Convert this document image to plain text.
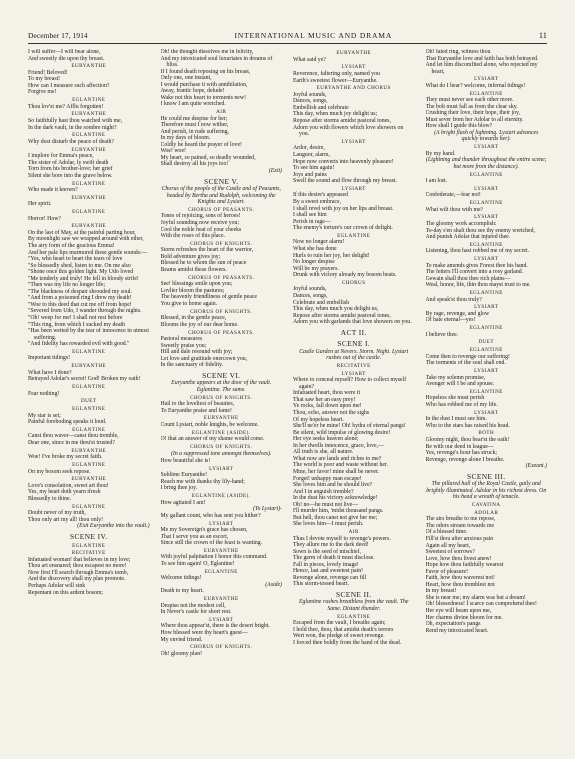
December 17, 1914	INTERNATIONAL MUSIC AND DRAMA	11

I will suffer—I will bear alone,

And sweetly die upon thy breast.

EURYANTHE

Friend! Beloved!

To my breast!

How can I measure such affection?

Forgive me!

EGLANTINE

Thou lov'st me? Afflu forgotten!

EURYANTHE

So faithfully hast thou watched with me,

In the dark vault, in the sombre night?

EGLANTINE

Why dost disturb the peace of death?

EURYANTHE

I implore for Emma's peace,

The sister of Adolar, ly swift death

Torn from his brother-love; her grief

Silent she bore into the grave below.

EGLANTINE

Who made it known?

EURYANTHE

Her spirit.

EGLANTINE

Horror! How?

EURYANTHE

On the last of May, at the painful parting hour,

By moonlight saw we wrapped around with ether,

The airy form of the gracious Emma!

And her pale lips murmured these gentle sounds:—

"Yes, who heart to heart the tears of love

"So blessedly shed, listen to me. On me also

"Shone once this golden light. My Udo loved

"Me tenderly and truly! He fell in bloody strife!

"Then was my life no longer life;

"The blackness of despair shrouded my soul.

"And from a poisoned ring I drew my death!

"Woe to this deed that cut me off from hope!

"Severed from Udo, I wander through the nights.

"Oh! weep for me! I shall not rest before

"This ring, from which I sucked my death

"Has been wetted by the tear of innocence in utmost suffering.

"And fidelity has rewarded evil with good."

EGLANTINE

Important tidings!

EURYANTHE

What have I done?

Betrayed Adolar's secret! God! Broken my oath!

EGLANTINE

Fear nothing!

DUET

EGLANTINE

My star is set;

Painful foreboding speaks it loud.

EGLANTINE

Canst thou waver—canst thou tremble,

Dear one, since in me thou'st trusted?

EURYANTHE

Woe! I've broke my secret faith.

EGLANTINE

On my bosom seek repose.

EURYANTHE

Love's consolation, sweet art thou!

Yes, my heart doth yearn ifresh

Blessedly to thine.

EGLANTINE

Doubt never of my truth,

Thou only art my all! thou only!

(Exit Euryanthe into the vault.)

SCENE IV.

EGLANTINE

RECITATIVE

Infatuated woman! that believes in my love;

Thou art ensnared; thou escapest no more!

Now first I'll search through Emma's tomb,

And the discovery shall my plan promote.

Perhaps Adolar will sink

Repentant on this ardent bosom;

Oh! the thought dissolves me in felicity,

And my intoxicated soul luxuriates in dreams of bliss.

If I found death reposing on his breast,

Only one, one instant,

I would purchase it with annihilation,

Away, frantic hope, delude!

Wake not this heart to torments new!

I know I am quite wretched.

AIR

He could me despise for her;

Therefore must I now wither,

And perish, in rude suffering,

In my days of bloom.

Coldly he heard the prayer of love!

Woe! woe!

My heart, so pained, so deadly wounded,

Shall destroy all his joys too!

(Exit)

SCENE V.

Chorus of the people of the Castle and of Peasants, headed by Bertha and Rudolph, welcoming the Knights and Lysiart.

CHORUS OF PEASANTS.

Tones of rejoicing, sons of heroes!

Joyful sounding now receive you;

Cool the noble heat of your cheeks

With the roses of this place.

CHORUS OF KNIGHTS.

Storm refreshes the heart of the warrior,

Bold adventure gives joy;

Blessed he to whom the sun of peace

Beams amidst these flowers.

CHORUS OF PEASANTS.

See! blessings smile upon you;

Lovlier bloom the pastures;

The heavenly friendliness of gentle peace

You give to home again.

CHORUS OF KNIGHTS.

Blessed, in the gentle peace,

Blooms the joy of our dear home.

CHORUS OF PEASANTS.

Pastoral measures

Sweetly praise you;

Hill and dale resound with joy;

Let love and gratitude enercown you,

In the sanctuary of fidelity.

SCENE VI.

Euryanthe appears at the door of the vault. Eglantine. The same.

CHORUS OF KNIGHTS.

Hail to the loveliest of beauties,

To Euryanthe praise and fame!

EURYANTHE

Count Lysiart, noble knights, be welcome.

EGLANTINE (ASIDE).

O! that an answer of my shame would come.

CHORUS OF KNIGHTS.

(In a suppressed tone amongst themselves).

How beautiful she is!

LYSIART

Sublime Euryanthe!

Reach me with thanks thy lily-hand;

I bring thee joy.

EGLANTINE (ASIDE).

How agitated I am!

(To Lysiart)-

My gallant count, who has sent you hither?

LYSIART

Me my Sovereign's grace has chosen,

That I serve you as an escort,

Since still the crown of the feast is wanting.

EURYANTHE

With joyful palpitation I honor this command.

To see him again! O, Eglantine!

EGLANTINE

Welcome tidings!

(Aside)

Death to my heart.

EURYANTHE

Despise not the modest cell,

In Never's castle for short rest.

LYSIART

Where thou appear'st, there is the desert bright.

How blessed were thy heart's guest—

My envied friend.

CHORUS OF KNIGHTS.

Oh! gloomy plan!

EURYANTHE

What said ye?

LYSIART

Reverence, faltering only, named you

Earth's sweetest flower—Euryanthe.

EURYANTHE AND CHORUS

Joyful sounds,

Dances, songs,

Embellish and celebrate

This day, when much joy delight us;

Repose after storms amidst pastoral tones,

Adorn you with flowers which love showers on you.

LYSIART

Ardor, desire,

Languor, alarm,

Hope now converts into heavenly pleasure!

To see him again!

Joys and pains

Swell the sound and flow through my breast.

LYSIART

If this desire's appeased

By a sweet embrace,

I shall revel with joy on her lips and breast.

I shall see him

Perish in rage—

The enemy's torture's our crown of delight.

EGLANTINE

Now no longer alarm!

What she has done

Hurls to ruin her joy, her delight!

No longer despise

Will be my prayers.

Drunk with victory already my bosom beats.

CHORUS

Joyful sounds,

Dances, songs,

Celebrate and embellish

This day, when much you delight us,

Repose after storms amidst pastoral tones,

Adorn you with garlands that love showers on you.

ACT II.

SCENE I.

Castle Garden at Nevers. Storm. Night. Lysiart rushes out of the castle.

RECITATIVE

LYSIART

Where to conceal myself? How to collect myself again?

Infatuated heart, thou were it

That saw her an easy prey!

Ye rocks, fall down upon me!

Thou, echo, answer not the sighs

Of my hopeless heart.

She'll ne'er be mine! Oh! hydra of eternal pangs!

Be silent, wild impulse of glowing desire!

Her eye seeks heaven alone;

In her dwells innocence, grace, love,—

All truth is she, all nature.

What now are lands and riches to me?

The world is poor and waste without her.

Mine, her favor! mine shall be never.

Forget! unhappy man escape!

She loves him and he should live?

And I in anguish tremble?

In the dust his victory acknowledge!

Oh! no—he must not live—

I'll murder him, 'midst thousand pangs.

But hell, thou canst not give her me;

She loves him—I must perish.

AIR

Thus I devote myself to revenge's powers.

They allure me to the dark deed!

Sown is the seed of mischief,

The germ of death it must disclose.

Fall in pieces, lovely image!

Hence, last and sweetest pain!

Revenge alone, revenge can fill

This storm-tossed heart.

SCENE II.

Eglantine rushes breathless from the vault. The Same. Distant thunder.

EGLANTINE

Escaped from the vault, I breathe again;

I hold thee, thou, that amidst death's terrors

Wert won, the pledge of sweet revenge.

I forced thee boldly from the hand of the dead.

Oh! fated ring, witness thou

That Euryanthe love and faith has both betrayed.

And let him discomfited alone, who rejected my heart,

LYSIART

What do I hear? welcome, infernal tidings!

EGLANTINE

They must never see each other more.

The bolt must fall as from the clear sky.

Crushing their love, their hope, their joy,

Must sever from her Adolar to all eternity.

How shall I guide this blow?

(A bright flash of lightning. Lysiart advances quickly towards her).

LYSIART

By my hand.

(Lightning and thunder throughout the entire scene; but more from the distance).

EGLANTINE

I am lost.

LYSIART

Confederate,—fear not!

EGLANTINE

What wilt thou with me?

LYSIART

The gloomy work accomplish:

To-day s'en shalt thou see thy enemy wretched,

And punish Adolar that injured thee.

EGLANTINE

Listening, thou hast robbed me of my secret.

LYSIART

To make amends gives Forest thee his hand.

The fetters I'll convert into a rosy garland.

Gewain shall thou thee rich plains—

Weal, honor, life, thin thou mayst trust to me.

EGLANTINE

And speak'st thou truly?

LYSIART

By rage, revenge, and glow

Of hate eternal—yes!

EGLANTINE

I believe thee.

DUET

EGLANTINE

Come then to revenge our suffering!

The torments of the soul shall end.

LYSIART

Take my solemn promise,

Avenger will I be and spouse.

EGLANTINE

Hopeless she must perish

Who has robbed me of my life.

LYSIART

In the dust I must see him.

Who to the stars has raised his head.

BOTH

Gloomy night, thou bear'st the oath!

Be with our deed in league—

Yes, revenge's hour has struck;

Revenge, revenge alone I breathe.

(Exeunt.)

SCENE III.

The pillared hall of the Royal Castle, gaily and brightly illuminated. Adolar in his richest dress. On his head a wreath of tenacle.

CAVATINA

ADOLAR

The airs breathe to me repose,

The odors stream towards me

Of a blessed time.

Fill'st thou after anxious pain

Again all my heart,

Sweetest of sorrows?

Love, how thou livest anew!

Hope how thou faithfully wearest

Favor of pleasure!

Faith, how thou waverest not!

Heart, how thou tremblest not

In my breast!

She is near me; my alarm was but a dream!

Oh! blessedness! I scarce can comprehend thee!

Her eye will beam upon me,

Her charms divine bloom for me.

Oh, expectation's pangs

Rend my intoxicated heart.
